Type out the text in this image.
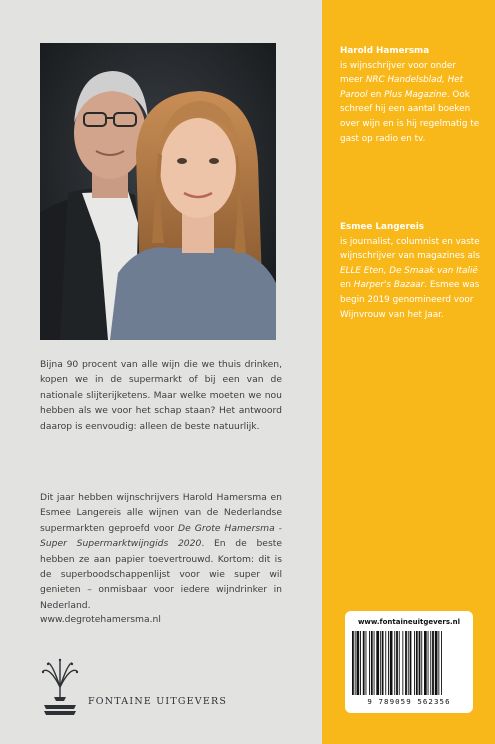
Bijna 90 procent van alle wijn die we thuis drinken, kopen we in de supermarkt of bij een van de nationale slijterijketens. Maar welke moeten we nou hebben als we voor het schap staan? Het antwoord daarop is eenvoudig: alleen de beste natuurlijk.

Dit jaar hebben wijnschrijvers Harold Hamersma en Esmee Langereis alle wijnen van de Nederlandse supermarkten geproefd voor De Grote Hamersma - Super Supermarktwijngids 2020. En de beste hebben ze aan papier toevertrouwd. Kortom: dit is de superboodschappenlijst voor wie super wil genieten – onmisbaar voor iedere wijndrinker in Nederland.

www.degrotehamersma.nl
FONTAINE UITGEVERS

Harold Hamersma

is wijnschrijver voor onder meer NRC Handelsblad, Het Parool en Plus Magazine. Ook schreef hij een aantal boeken over wijn en is hij regelmatig te gast op radio en tv.

Esmee Langereis

is journalist, columnist en vaste wijnschrijver van magazines als ELLE Eten, De Smaak van Italië en Harper's Bazaar. Esmee was begin 2019 genomineerd voor Wijnvrouw van het Jaar.

www.fontaineuitgevers.nl
9 789059 562356
